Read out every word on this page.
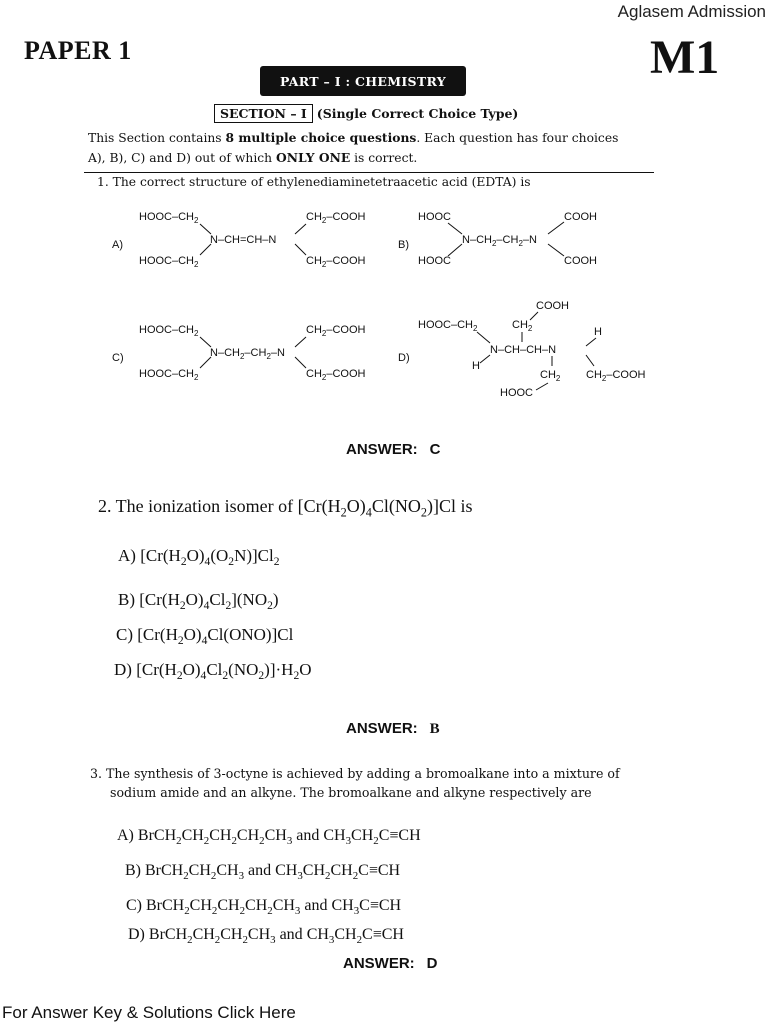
Aglasem Admission
PAPER 1	M1
PART – I : CHEMISTRY
SECTION – I (Single Correct Choice Type)
This Section contains 8 multiple choice questions. Each question has four choices
A), B), C) and D) out of which ONLY ONE is correct.
1. The correct structure of ethylenediaminetetraacetic acid (EDTA) is
A)
HOOC–$CH_2$
HOOC–$CH_2$
N–CH=CH–N
$CH_2$–COOH
$CH_2$–COOH
B)
HOOC
HOOC
$N-CH_2-CH_2-N$
COOH
COOH
C)
HOOC–$CH_2$
HOOC–$CH_2$
$N-CH_2-CH_2-N$
$CH_2$–COOH
$CH_2$–COOH
D)
COOH
HOOC–$CH_2$	$CH_2$	H
N–CH–CH–N
H
$CH_2$ $CH_2$–COOH
HOOC
ANSWER: C
2. The ionization isomer of $[Cr(H_2O)_4Cl(NO_2)]Cl$ is
A) $[Cr(H_2O)_4(O_2N)]Cl_2$
B) $[Cr(H_2O)_4Cl_2](NO_2)$
C) $[Cr(H_2O)_4Cl(ONO)]Cl$
D) $[Cr(H_2O)_4Cl_2(NO_2)]\cdot H_2O$
ANSWER: B
3. The synthesis of 3-octyne is achieved by adding a bromoalkane into a mixture of
sodium amide and an alkyne. The bromoalkane and alkyne respectively are
A) $BrCH_2CH_2CH_2CH_2CH_3$ and $CH_3CH_2C\equiv CH$
B) $BrCH_2CH_2CH_3$ and $CH_3CH_2CH_2C\equiv CH$
C) $BrCH_2CH_2CH_2CH_2CH_3$ and $CH_3C\equiv CH$
D) $BrCH_2CH_2CH_2CH_3$ and $CH_3CH_2C\equiv CH$
ANSWER: D
For Answer Key & Solutions Click Here
